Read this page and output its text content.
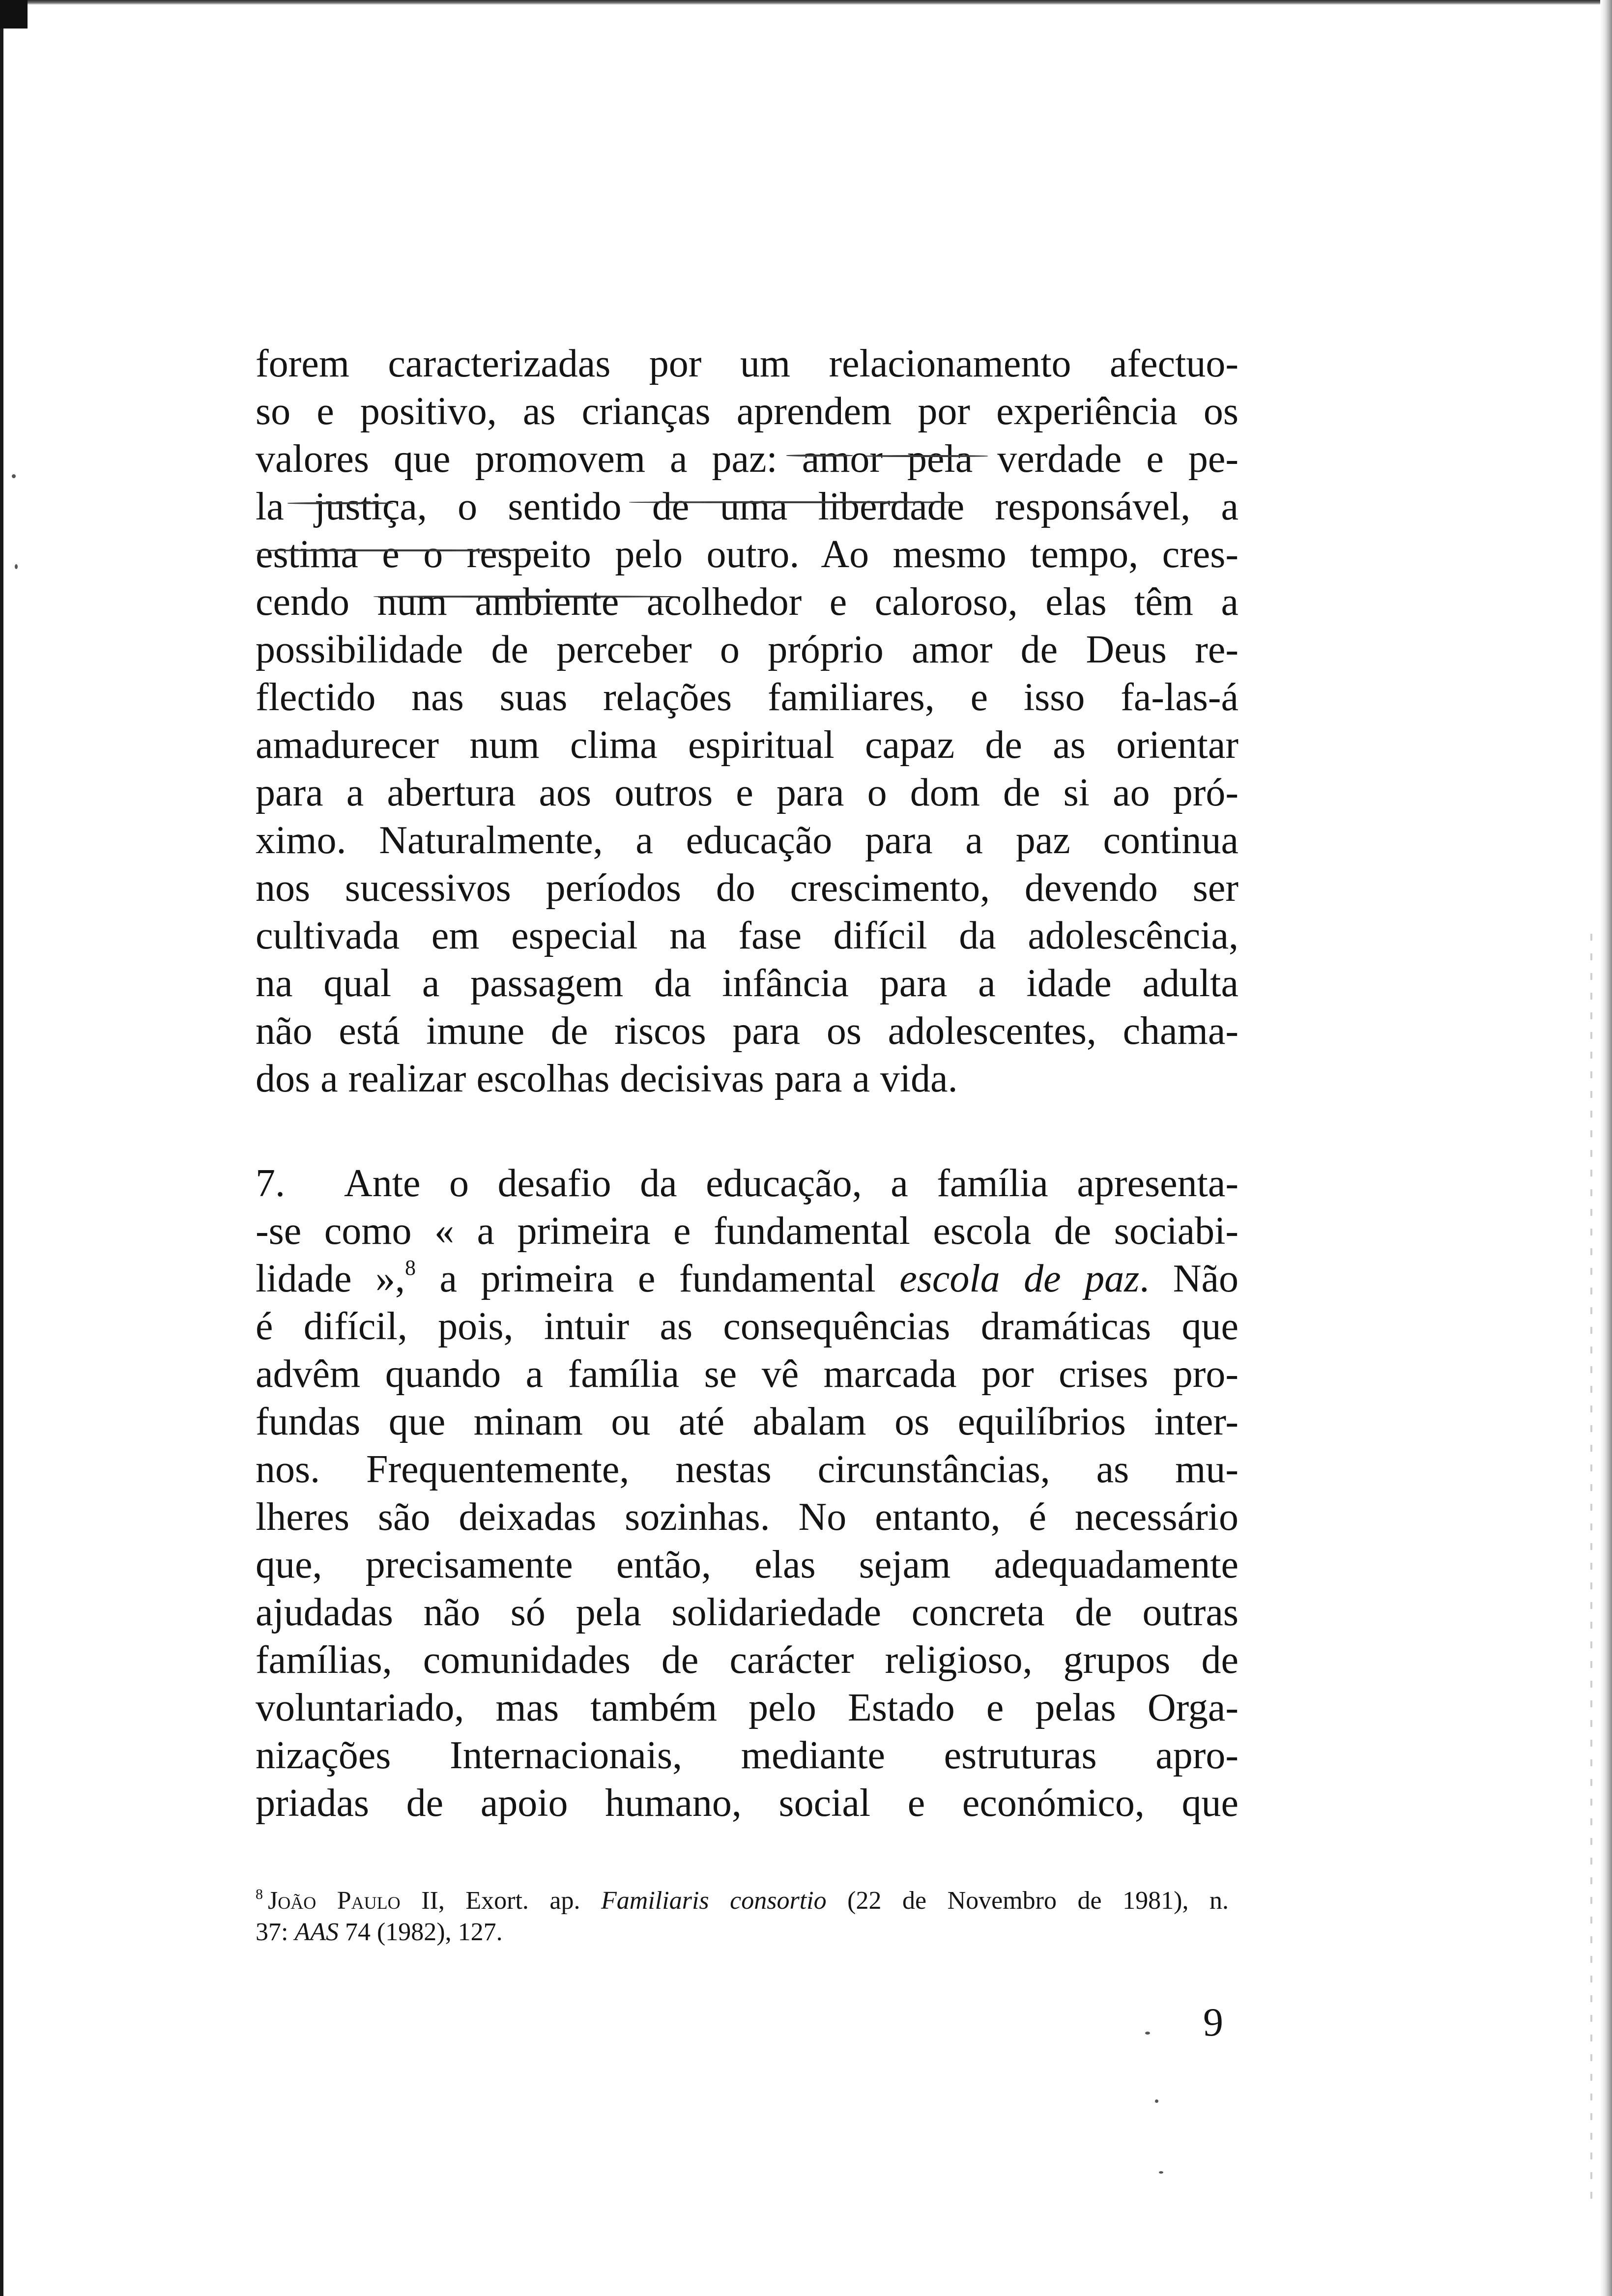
forem caracterizadas por um relacionamento afectuo-
so e positivo, as crianças aprendem por experiência os
valores que promovem a paz: amor pela verdade e pe-
la justiça, o sentido de uma liberdade responsável, a
estima e o respeito pelo outro. Ao mesmo tempo, cres-
cendo num ambiente acolhedor e caloroso, elas têm a
possibilidade de perceber o próprio amor de Deus re-
flectido nas suas relações familiares, e isso fa-las-á
amadurecer num clima espiritual capaz de as orientar
para a abertura aos outros e para o dom de si ao pró-
ximo. Naturalmente, a educação para a paz continua
nos sucessivos períodos do crescimento, devendo ser
cultivada em especial na fase difícil da adolescência,
na qual a passagem da infância para a idade adulta
não está imune de riscos para os adolescentes, chama-
dos a realizar escolhas decisivas para a vida.

7. Ante o desafio da educação, a família apresenta-
-se como « a primeira e fundamental escola de sociabi-
lidade »,$^8$ a primeira e fundamental escola de paz. Não
é difícil, pois, intuir as consequências dramáticas que
advêm quando a família se vê marcada por crises pro-
fundas que minam ou até abalam os equilíbrios inter-
nos. Frequentemente, nestas circunstâncias, as mu-
lheres são deixadas sozinhas. No entanto, é necessário
que, precisamente então, elas sejam adequadamente
ajudadas não só pela solidariedade concreta de outras
famílias, comunidades de carácter religioso, grupos de
voluntariado, mas também pelo Estado e pelas Orga-
nizações Internacionais, mediante estruturas apro-
priadas de apoio humano, social e económico, que

$^8$ João Paulo II, Exort. ap. Familiaris consortio (22 de Novembro de 1981), n.
37: AAS 74 (1982), 127.

9
